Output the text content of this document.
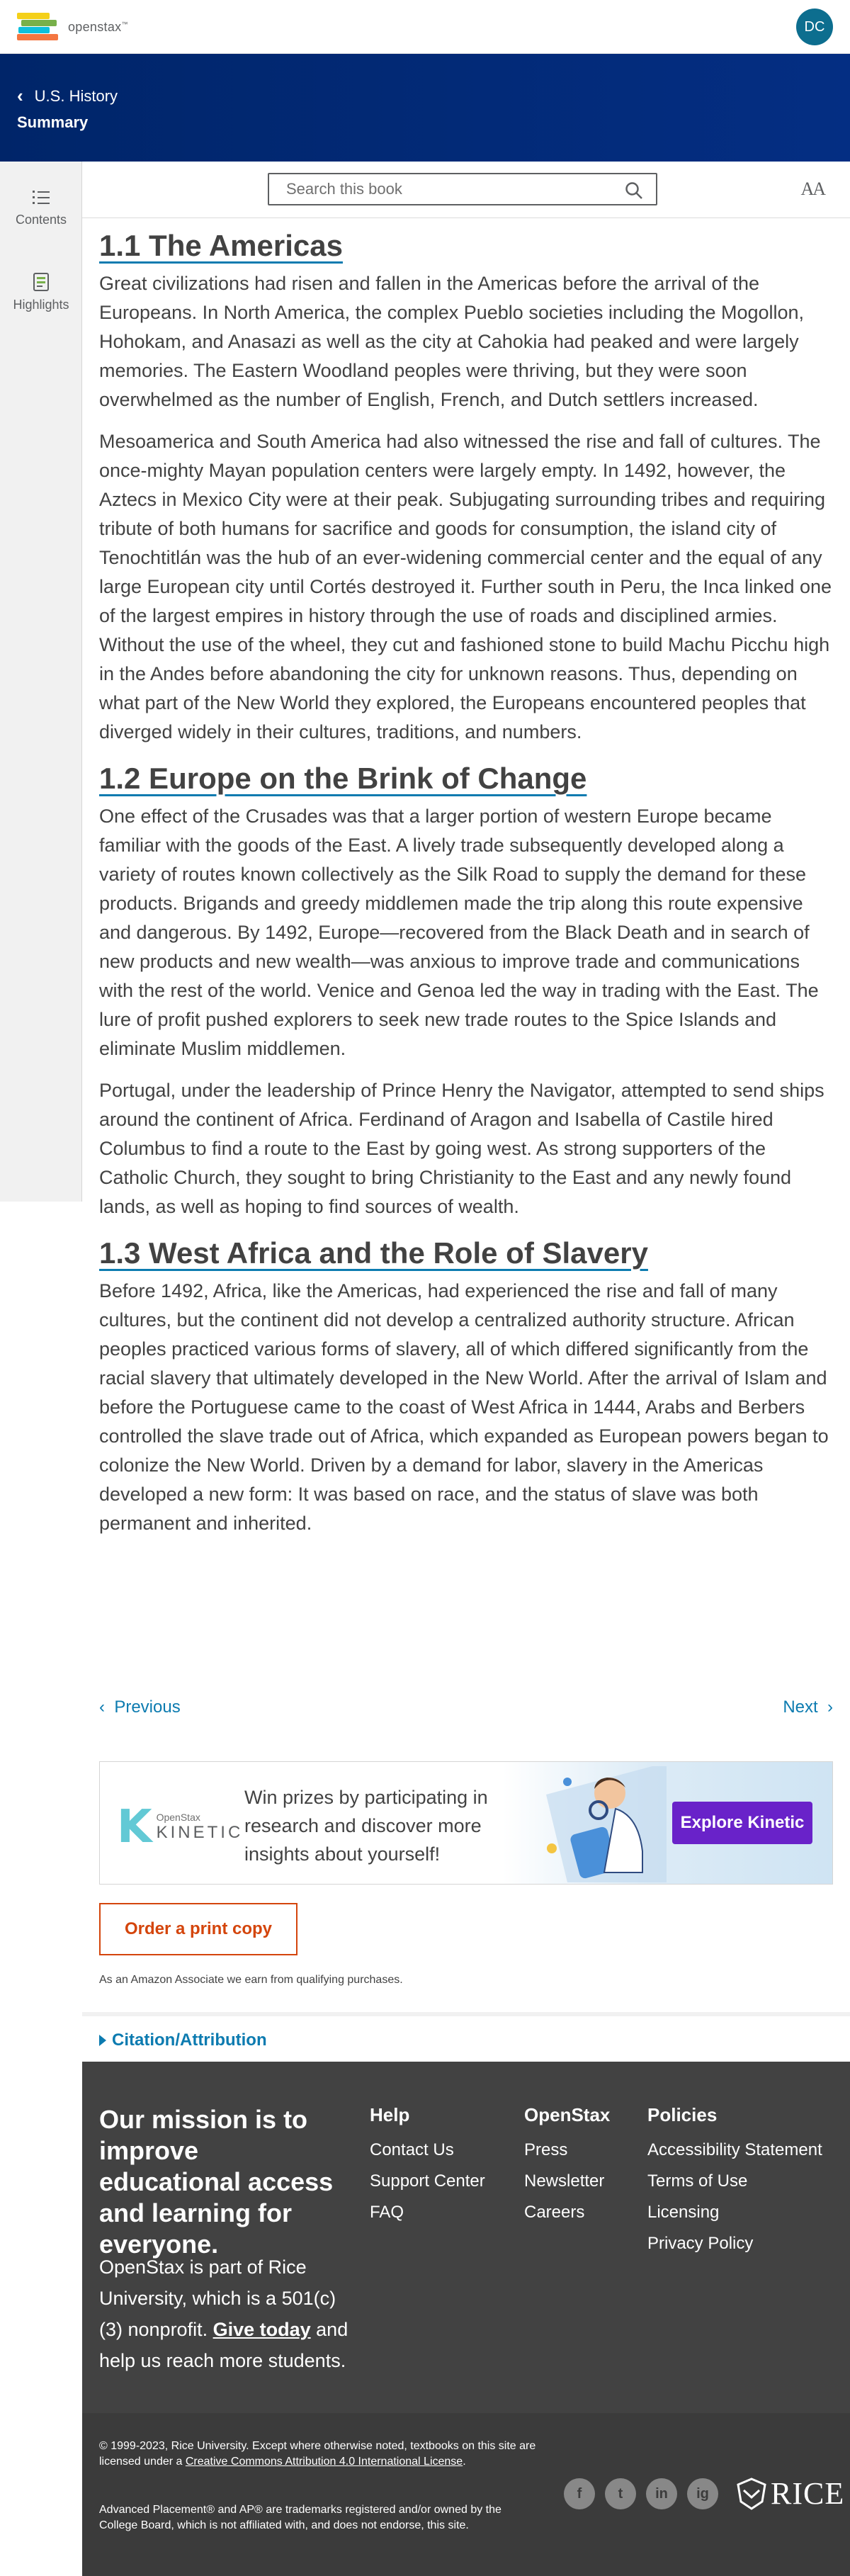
openstax™	DC
‹ U.S. History
Summary
Contents
Highlights
Search this book
AA
1.1 The Americas

Great civilizations had risen and fallen in the Americas before the arrival of the Europeans. In North America, the complex Pueblo societies including the Mogollon, Hohokam, and Anasazi as well as the city at Cahokia had peaked and were largely memories. The Eastern Woodland peoples were thriving, but they were soon overwhelmed as the number of English, French, and Dutch settlers increased.

Mesoamerica and South America had also witnessed the rise and fall of cultures. The once-mighty Mayan population centers were largely empty. In 1492, however, the Aztecs in Mexico City were at their peak. Subjugating surrounding tribes and requiring tribute of both humans for sacrifice and goods for consumption, the island city of Tenochtitlán was the hub of an ever-widening commercial center and the equal of any large European city until Cortés destroyed it. Further south in Peru, the Inca linked one of the largest empires in history through the use of roads and disciplined armies. Without the use of the wheel, they cut and fashioned stone to build Machu Picchu high in the Andes before abandoning the city for unknown reasons. Thus, depending on what part of the New World they explored, the Europeans encountered peoples that diverged widely in their cultures, traditions, and numbers.

1.2 Europe on the Brink of Change

One effect of the Crusades was that a larger portion of western Europe became familiar with the goods of the East. A lively trade subsequently developed along a variety of routes known collectively as the Silk Road to supply the demand for these products. Brigands and greedy middlemen made the trip along this route expensive and dangerous. By 1492, Europe—recovered from the Black Death and in search of new products and new wealth—was anxious to improve trade and communications with the rest of the world. Venice and Genoa led the way in trading with the East. The lure of profit pushed explorers to seek new trade routes to the Spice Islands and eliminate Muslim middlemen.

Portugal, under the leadership of Prince Henry the Navigator, attempted to send ships around the continent of Africa. Ferdinand of Aragon and Isabella of Castile hired Columbus to find a route to the East by going west. As strong supporters of the Catholic Church, they sought to bring Christianity to the East and any newly found lands, as well as hoping to find sources of wealth.

1.3 West Africa and the Role of Slavery

Before 1492, Africa, like the Americas, had experienced the rise and fall of many cultures, but the continent did not develop a centralized authority structure. African peoples practiced various forms of slavery, all of which differed significantly from the racial slavery that ultimately developed in the New World. After the arrival of Islam and before the Portuguese came to the coast of West Africa in 1444, Arabs and Berbers controlled the slave trade out of Africa, which expanded as European powers began to colonize the New World. Driven by a demand for labor, slavery in the Americas developed a new form: It was based on race, and the status of slave was both permanent and inherited.

‹  Previous	Next  ›
K OpenStax
KINETIC
Win prizes by participating in research and discover more insights about yourself!
Explore Kinetic
Order a print copy
As an Amazon Associate we earn from qualifying purchases.
Citation/Attribution
Our mission is to improve educational access and learning for everyone.
OpenStax is part of Rice University, which is a 501(c)(3) nonprofit. Give today and help us reach more students.
Help
Contact Us
Support Center
FAQ
OpenStax
Press
Newsletter
Careers
Policies
Accessibility Statement
Terms of Use
Licensing
Privacy Policy
© 1999-2023, Rice University. Except where otherwise noted, textbooks on this site are licensed under a Creative Commons Attribution 4.0 International License.
Advanced Placement® and AP® are trademarks registered and/or owned by the College Board, which is not affiliated with, and does not endorse, this site.
f	t	in	ig RICE
